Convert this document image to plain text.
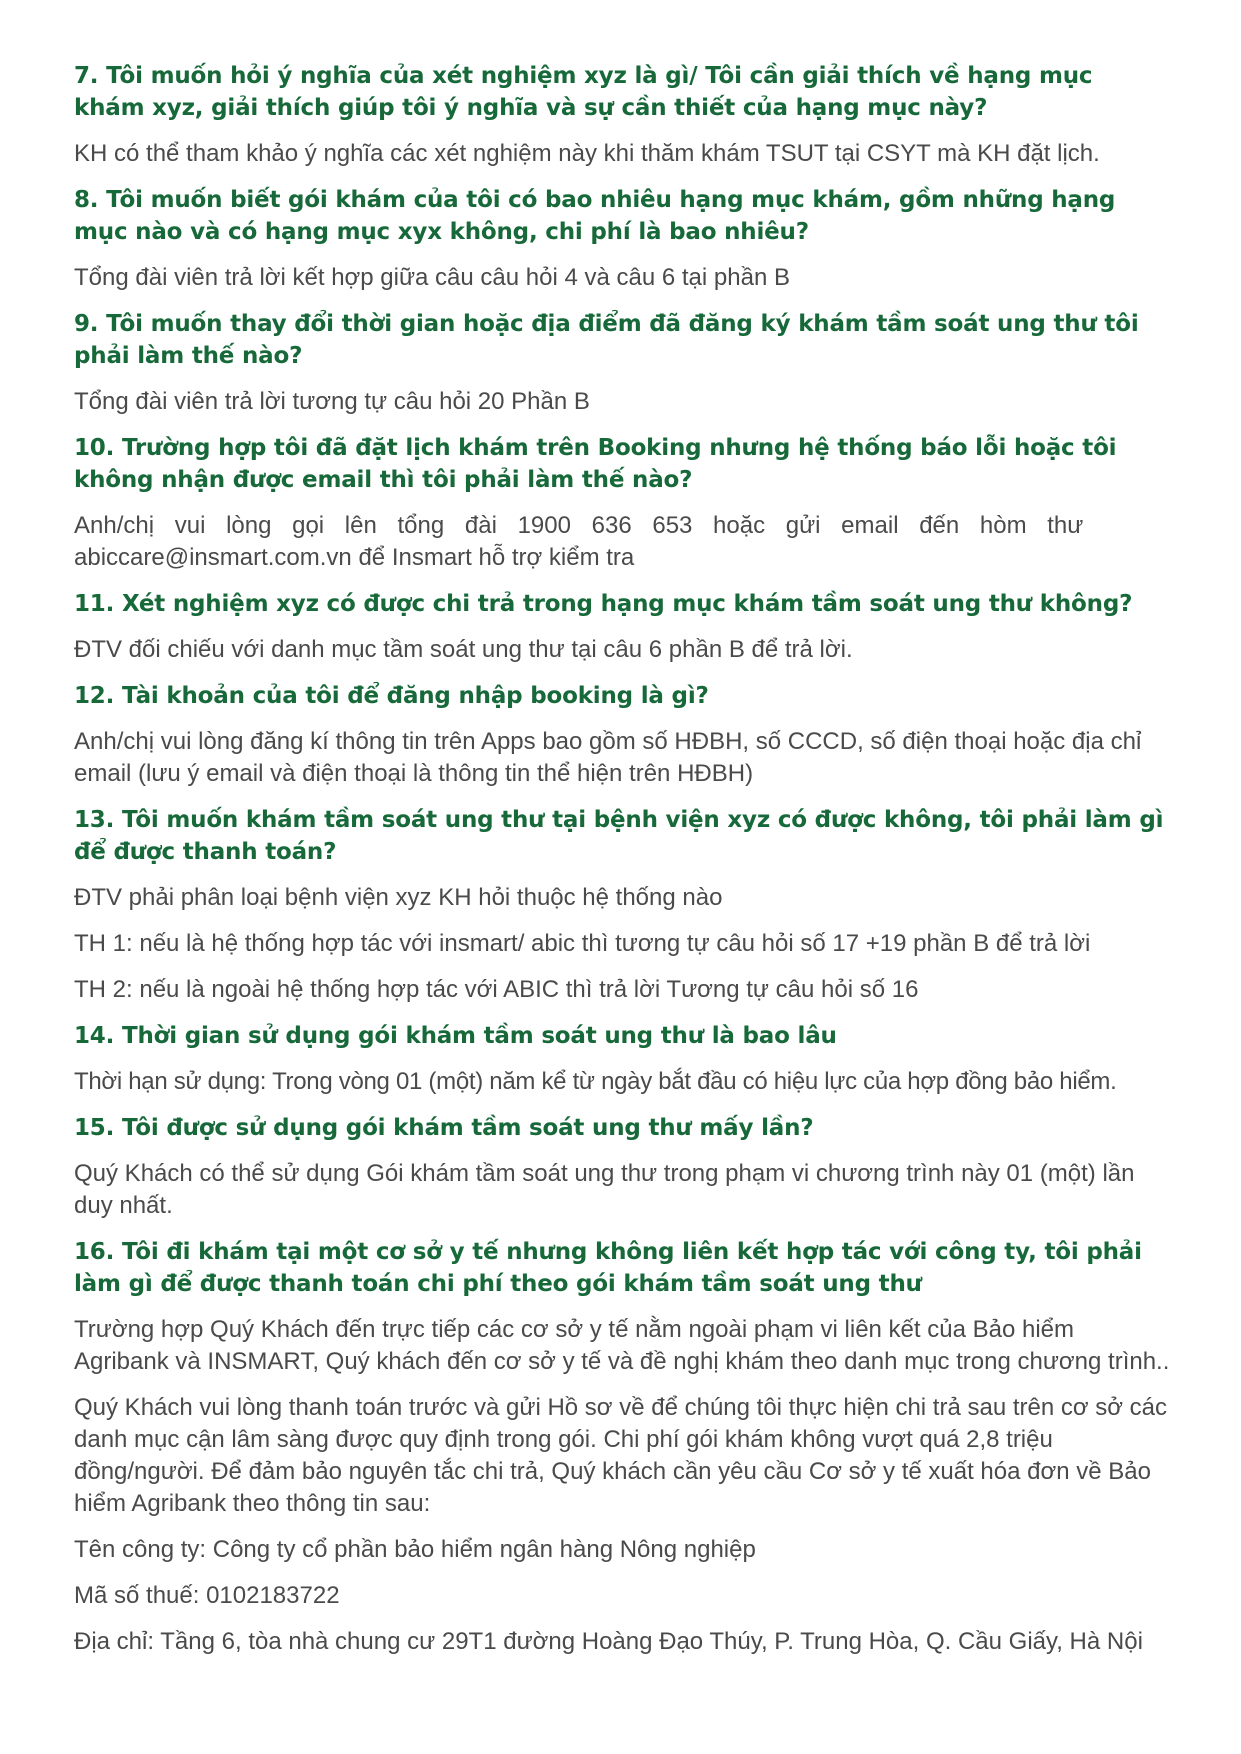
7. Tôi muốn hỏi ý nghĩa của xét nghiệm xyz là gì/ Tôi cần giải thích về hạng mục khám xyz, giải thích giúp tôi ý nghĩa và sự cần thiết của hạng mục này?
KH có thể tham khảo ý nghĩa các xét nghiệm này khi thăm khám TSUT tại CSYT mà KH đặt lịch.
8. Tôi muốn biết gói khám của tôi có bao nhiêu hạng mục khám, gồm những hạng mục nào và có hạng mục xyx không, chi phí là bao nhiêu?
Tổng đài viên trả lời kết hợp giữa câu câu hỏi 4 và câu 6 tại phần B
9. Tôi muốn thay đổi thời gian hoặc địa điểm đã đăng ký khám tầm soát ung thư tôi phải làm thế nào?
Tổng đài viên trả lời tương tự câu hỏi 20 Phần B
10. Trường hợp tôi đã đặt lịch khám trên Booking nhưng hệ thống báo lỗi hoặc tôi không nhận được email thì tôi phải làm thế nào?
Anh/chị vui lòng gọi lên tổng đài 1900 636 653 hoặc gửi email đến hòm thư
abiccare@insmart.com.vn để Insmart hỗ trợ kiểm tra
11. Xét nghiệm xyz có được chi trả trong hạng mục khám tầm soát ung thư không?
ĐTV đối chiếu với danh mục tầm soát ung thư tại câu 6 phần B để trả lời.
12. Tài khoản của tôi để đăng nhập booking là gì?
Anh/chị vui lòng đăng kí thông tin trên Apps bao gồm số HĐBH, số CCCD, số điện thoại hoặc địa chỉ email (lưu ý email và điện thoại là thông tin thể hiện trên HĐBH)
13. Tôi muốn khám tầm soát ung thư tại bệnh viện xyz có được không, tôi phải làm gì để được thanh toán?
ĐTV phải phân loại bệnh viện xyz KH hỏi thuộc hệ thống nào
TH 1: nếu là hệ thống hợp tác với insmart/ abic thì tương tự câu hỏi số 17 +19 phần B để trả lời
TH 2: nếu là ngoài hệ thống hợp tác với ABIC thì trả lời Tương tự câu hỏi số 16
14. Thời gian sử dụng gói khám tầm soát ung thư là bao lâu
Thời hạn sử dụng: Trong vòng 01 (một) năm kể từ ngày bắt đầu có hiệu lực của hợp đồng bảo hiểm.
15. Tôi được sử dụng gói khám tầm soát ung thư mấy lần?
Quý Khách có thể sử dụng Gói khám tầm soát ung thư trong phạm vi chương trình này 01 (một) lần duy nhất.
16. Tôi đi khám tại một cơ sở y tế nhưng không liên kết hợp tác với công ty, tôi phải làm gì để được thanh toán chi phí theo gói khám tầm soát ung thư
Trường hợp Quý Khách đến trực tiếp các cơ sở y tế nằm ngoài phạm vi liên kết của Bảo hiểm Agribank và INSMART, Quý khách đến cơ sở y tế và đề nghị khám theo danh mục trong chương trình..
Quý Khách vui lòng thanh toán trước và gửi Hồ sơ về để chúng tôi thực hiện chi trả sau trên cơ sở các danh mục cận lâm sàng được quy định trong gói. Chi phí gói khám không vượt quá 2,8 triệu đồng/người. Để đảm bảo nguyên tắc chi trả, Quý khách cần yêu cầu Cơ sở y tế xuất hóa đơn về Bảo hiểm Agribank theo thông tin sau:
Tên công ty: Công ty cổ phần bảo hiểm ngân hàng Nông nghiệp
Mã số thuế: 0102183722
Địa chỉ: Tầng 6, tòa nhà chung cư 29T1 đường Hoàng Đạo Thúy, P. Trung Hòa, Q. Cầu Giấy, Hà Nội
